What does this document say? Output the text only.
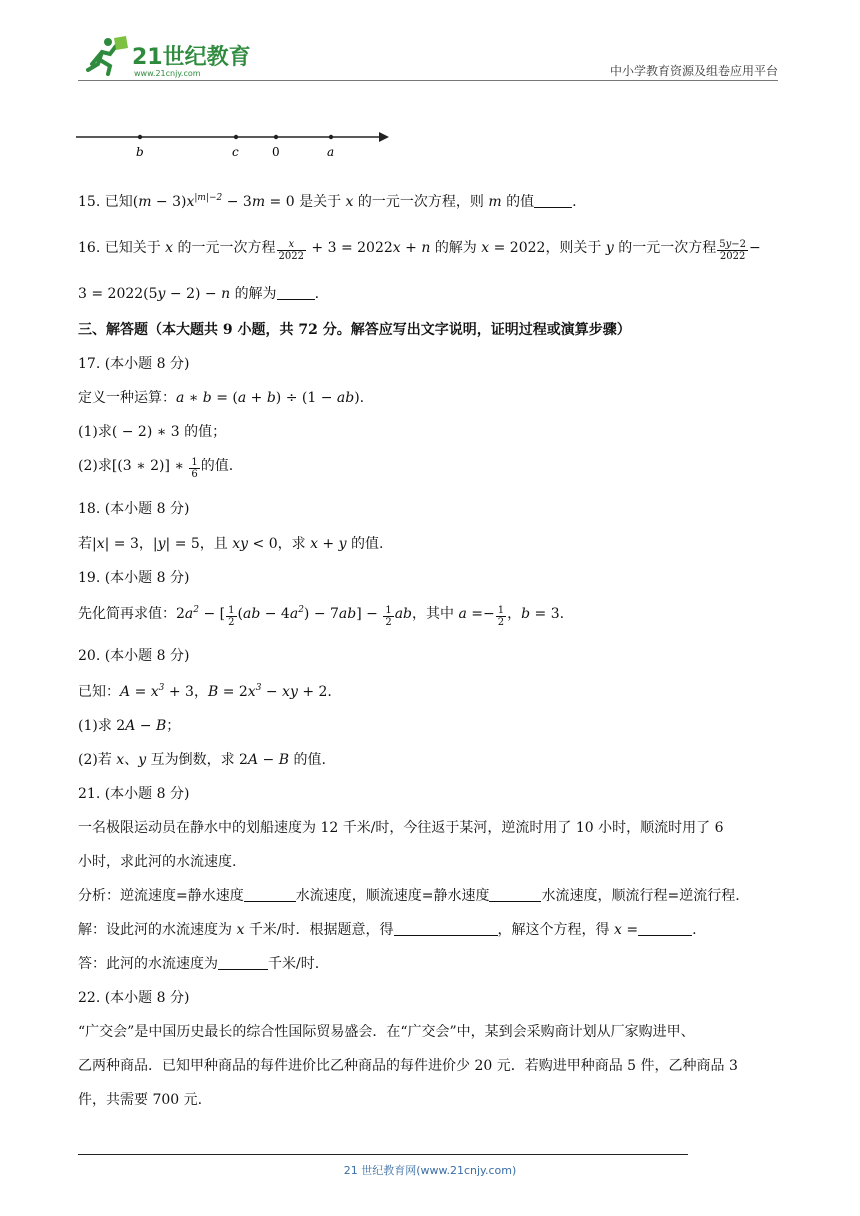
21世纪教育
www.21cnjy.com	中小学教育资源及组卷应用平台
b	c	0	a
15. 已知$(m - 3)x^{|m|-2} - 3m = 0$ 是关于 x 的一元一次方程，则 m 的值	.
16. 已知关于 x 的一元一次方程 $\frac{x}{2022} + 3 = 2022x + n$ 的解为 x = 2022，则关于 y 的一元一次方程 $\frac{5y-2}{2022}$ −
3 = 2022(5y − 2) − n 的解为	.
三、解答题（本大题共 9 小题，共 72 分。解答应写出文字说明，证明过程或演算步骤）
17. (本小题 8 分)
定义一种运算：a ∗ b = (a + b) ÷ (1 − ab).
(1)求( − 2) ∗ 3 的值；
(2)求[(3 ∗ 2)] ∗ $\frac{1}{6}$ 的值.
18. (本小题 8 分)
若|x| = 3，|y| = 5，且 xy < 0，求 x + y 的值.
19. (本小题 8 分)
先化简再求值：$2a^2$ − [ $\frac{1}{2} (ab - 4a^2) - 7ab] - \frac{1}{2}$ ab，其中 $a =- \frac{1}{2}$ ，b = 3.
20. (本小题 8 分)
已知：$A = x^3 + 3$，$B = 2x^3$ − xy + 2.
(1)求 2A − B；
(2)若 x、y 互为倒数，求 2A − B 的值.
21. (本小题 8 分)
一名极限运动员在静水中的划船速度为 12 千米/时，今往返于某河，逆流时用了 10 小时，顺流时用了 6
小时，求此河的水流速度.
分析：逆流速度=静水速度	水流速度，顺流速度=静水速度	水流速度，顺流行程=逆流行程.
解：设此河的水流速度为 x 千米/时．根据题意，得	，解这个方程，得 x =	.
答：此河的水流速度为	千米/时.
22. (本小题 8 分)
“广交会”是中国历史最长的综合性国际贸易盛会．在“广交会”中，某到会采购商计划从厂家购进甲、
乙两种商品．已知甲种商品的每件进价比乙种商品的每件进价少 20 元．若购进甲种商品 5 件，乙种商品 3
件，共需要 700 元.
21 世纪教育网(www.21cnjy.com)
